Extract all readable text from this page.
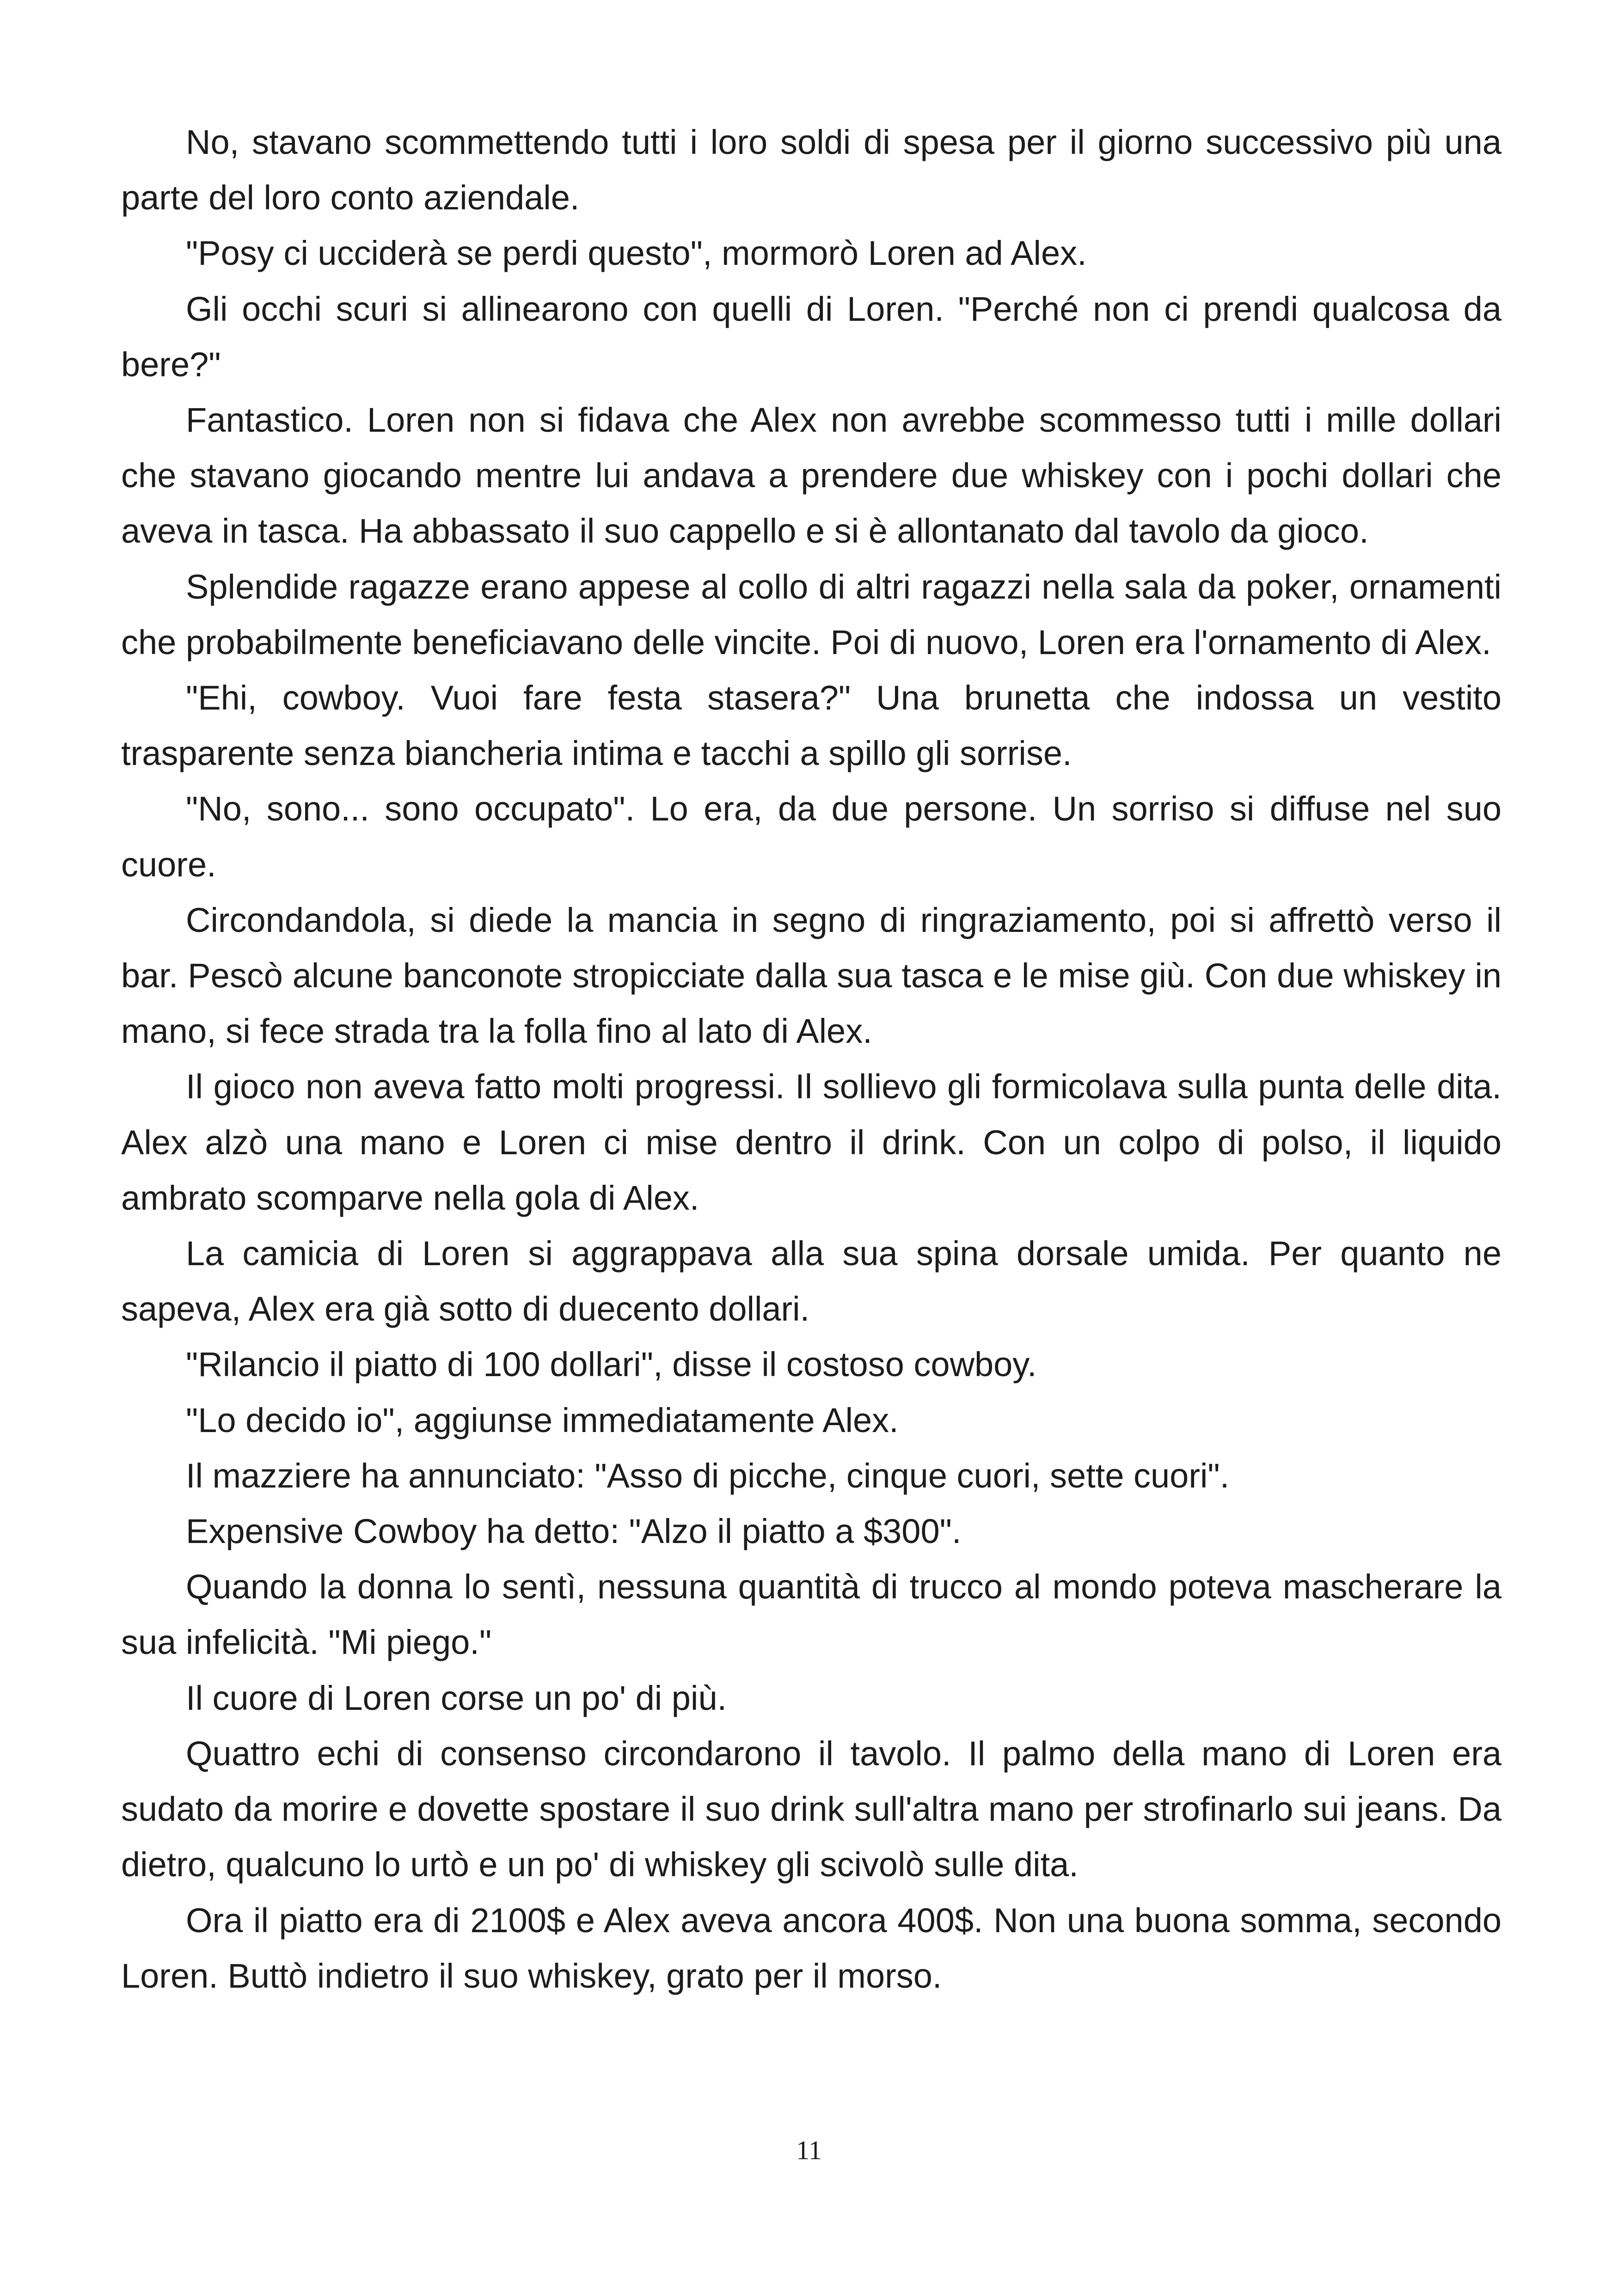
No, stavano scommettendo tutti i loro soldi di spesa per il giorno successivo più una parte del loro conto aziendale.

"Posy ci ucciderà se perdi questo", mormorò Loren ad Alex.

Gli occhi scuri si allinearono con quelli di Loren. "Perché non ci prendi qualcosa da bere?"

Fantastico. Loren non si fidava che Alex non avrebbe scommesso tutti i mille dollari che stavano giocando mentre lui andava a prendere due whiskey con i pochi dollari che aveva in tasca. Ha abbassato il suo cappello e si è allontanato dal tavolo da gioco.

Splendide ragazze erano appese al collo di altri ragazzi nella sala da poker, ornamenti che probabilmente beneficiavano delle vincite. Poi di nuovo, Loren era l'ornamento di Alex.

"Ehi, cowboy. Vuoi fare festa stasera?" Una brunetta che indossa un vestito trasparente senza biancheria intima e tacchi a spillo gli sorrise.

"No, sono... sono occupato". Lo era, da due persone. Un sorriso si diffuse nel suo cuore.

Circondandola, si diede la mancia in segno di ringraziamento, poi si affrettò verso il bar. Pescò alcune banconote stropicciate dalla sua tasca e le mise giù. Con due whiskey in mano, si fece strada tra la folla fino al lato di Alex.

Il gioco non aveva fatto molti progressi. Il sollievo gli formicolava sulla punta delle dita. Alex alzò una mano e Loren ci mise dentro il drink. Con un colpo di polso, il liquido ambrato scomparve nella gola di Alex.

La camicia di Loren si aggrappava alla sua spina dorsale umida. Per quanto ne sapeva, Alex era già sotto di duecento dollari.

"Rilancio il piatto di 100 dollari", disse il costoso cowboy.

"Lo decido io", aggiunse immediatamente Alex.

Il mazziere ha annunciato: "Asso di picche, cinque cuori, sette cuori".

Expensive Cowboy ha detto: "Alzo il piatto a $300".

Quando la donna lo sentì, nessuna quantità di trucco al mondo poteva mascherare la sua infelicità. "Mi piego."

Il cuore di Loren corse un po' di più.

Quattro echi di consenso circondarono il tavolo. Il palmo della mano di Loren era sudato da morire e dovette spostare il suo drink sull'altra mano per strofinarlo sui jeans. Da dietro, qualcuno lo urtò e un po' di whiskey gli scivolò sulle dita.

Ora il piatto era di 2100$ e Alex aveva ancora 400$. Non una buona somma, secondo Loren. Buttò indietro il suo whiskey, grato per il morso.

11
